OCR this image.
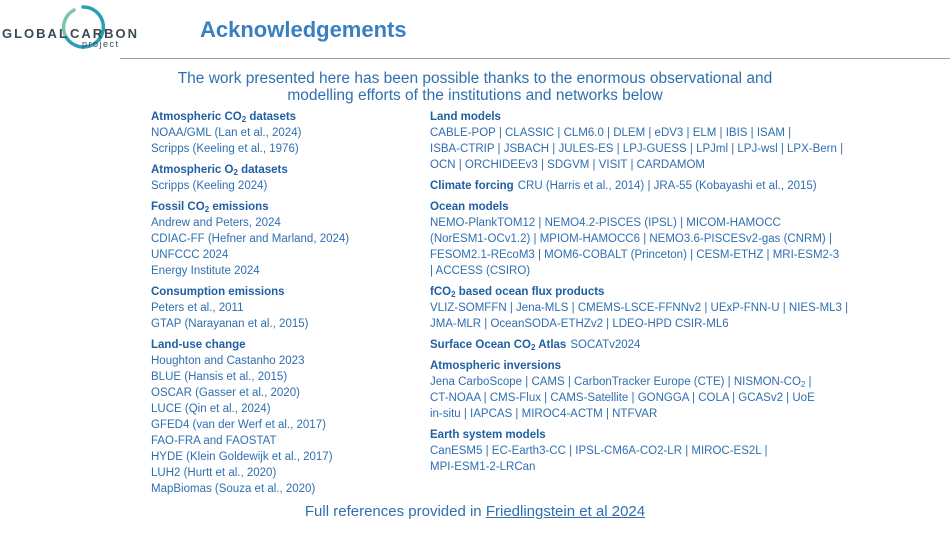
GLOBAL CARBON
project
Acknowledgements
The work presented here has been possible thanks to the enormous observational and modelling efforts of the institutions and networks below
Atmospheric $CO_2$ datasets
NOAA/GML (Lan et al., 2024)
Scripps (Keeling et al., 1976)
Atmospheric $O_2$ datasets
Scripps (Keeling 2024)
Fossil $CO_2$ emissions
Andrew and Peters, 2024
CDIAC-FF (Hefner and Marland, 2024)
UNFCCC 2024
Energy Institute 2024
Consumption emissions
Peters et al., 2011
GTAP (Narayanan et al., 2015)
Land-use change
Houghton and Castanho 2023
BLUE (Hansis et al., 2015)
OSCAR (Gasser et al., 2020)
LUCE (Qin et al., 2024)
GFED4 (van der Werf et al., 2017)
FAO-FRA and FAOSTAT
HYDE (Klein Goldewijk et al., 2017)
LUH2 (Hurtt et al., 2020)
MapBiomas (Souza et al., 2020)
Land models
CABLE-POP | CLASSIC | CLM6.0 | DLEM | eDV3 | ELM | IBIS | ISAM |
ISBA-CTRIP | JSBACH | JULES-ES | LPJ-GUESS | LPJml | LPJ-wsl | LPX-Bern |
OCN | ORCHIDEEv3 | SDGVM | VISIT | CARDAMOM
Climate forcing CRU (Harris et al., 2014) | JRA-55 (Kobayashi et al., 2015)
Ocean models
NEMO-PlankTOM12 | NEMO4.2-PISCES (IPSL) | MICOM-HAMOCC
(NorESM1-OCv1.2) | MPIOM-HAMOCC6 | NEMO3.6-PISCESv2-gas (CNRM) |
FESOM2.1-REcoM3 | MOM6-COBALT (Princeton) | CESM-ETHZ | MRI-ESM2-3
| ACCESS (CSIRO)
fCO$_2$ based ocean flux products
VLIZ-SOMFFN | Jena-MLS | CMEMS-LSCE-FFNNv2 | UExP-FNN-U | NIES-ML3 |
JMA-MLR | OceanSODA-ETHZv2 | LDEO-HPD CSIR-ML6
Surface Ocean $CO_2$ Atlas SOCATv2024
Atmospheric inversions
Jena CarboScope | CAMS | CarbonTracker Europe (CTE) | NISMON-$CO_2$ |
CT-NOAA | CMS-Flux | CAMS-Satellite | GONGGA | COLA | GCASv2 | UoE
in-situ | IAPCAS | MIROC4-ACTM | NTFVAR
Earth system models
CanESM5 | EC-Earth3-CC | IPSL-CM6A-CO2-LR | MIROC-ES2L |
MPI-ESM1-2-LRCan
Full references provided in Friedlingstein et al 2024
